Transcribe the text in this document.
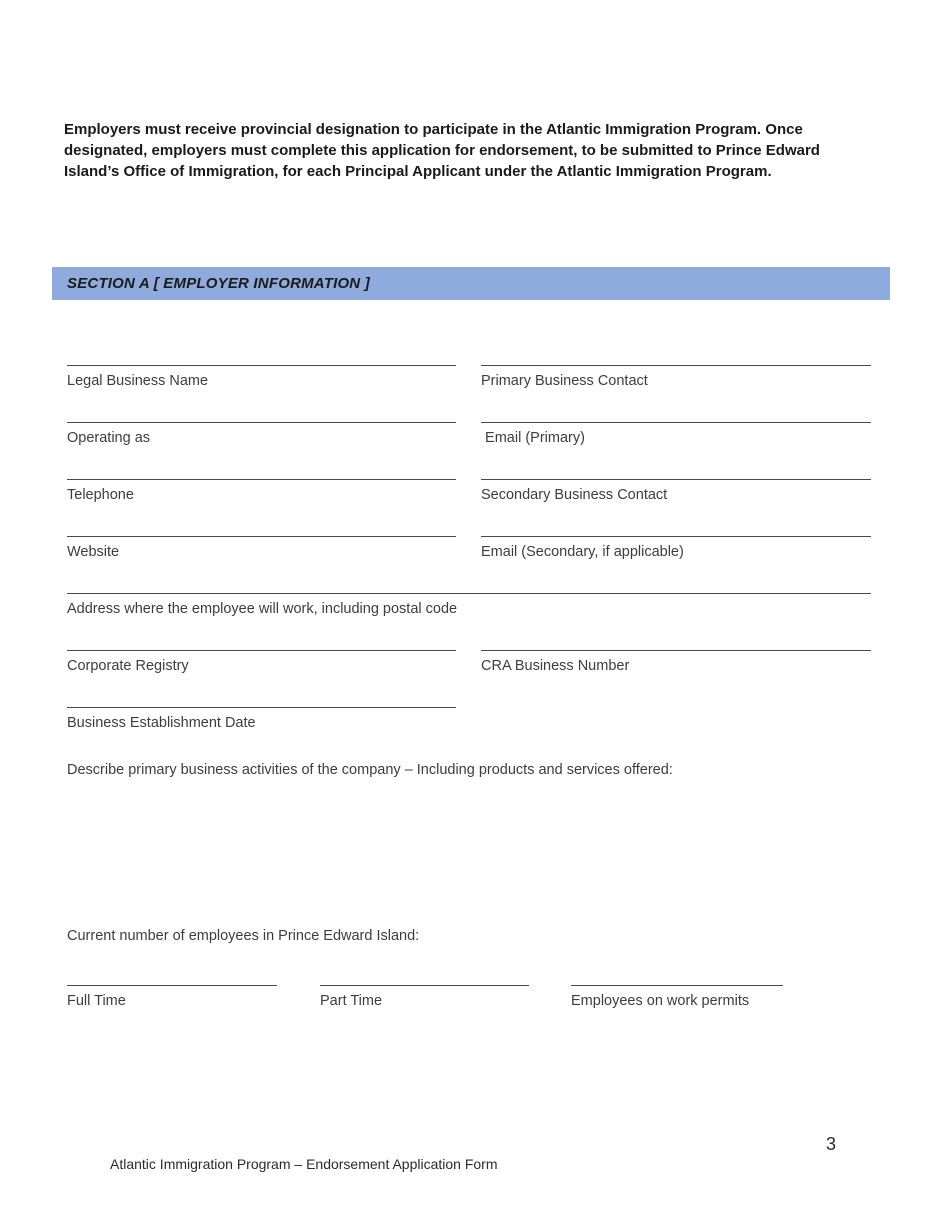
Employers must receive provincial designation to participate in the Atlantic Immigration Program. Once designated, employers must complete this application for endorsement, to be submitted to Prince Edward Island’s Office of Immigration, for each Principal Applicant under the Atlantic Immigration Program.

SECTION A [ EMPLOYER INFORMATION ]
Legal Business Name	Primary Business Contact
Operating as	Email (Primary)
Telephone	Secondary Business Contact
Website	Email (Secondary, if applicable)
Address where the employee will work, including postal code
Corporate Registry	CRA Business Number
Business Establishment Date

Describe primary business activities of the company – Including products and services offered:

Current number of employees in Prince Edward Island:

Full Time	Part Time	Employees on work permits
3
Atlantic Immigration Program – Endorsement Application Form
